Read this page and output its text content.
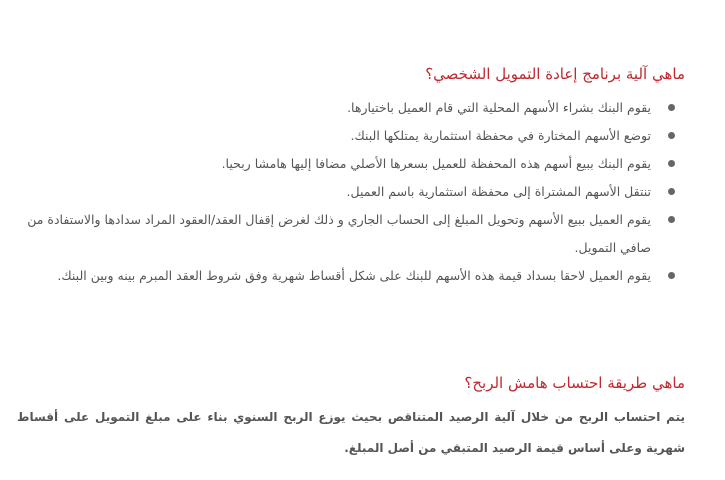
ماهي آلية برنامج إعادة التمويل الشخصي؟
يقوم البنك بشراء الأسهم المحلية التي قام العميل باختيارها.
توضع الأسهم المختارة في محفظة استثمارية يمتلكها البنك.
يقوم البنك ببيع أسهم هذه المحفظة للعميل بسعرها الأصلي مضافا إليها هامشا ربحيا.
تنتقل الأسهم المشتراة إلى محفظة استثمارية باسم العميل.
يقوم العميل ببيع الأسهم وتحويل المبلغ إلى الحساب الجاري و ذلك لغرض إقفال العقد/العقود المراد سدادها والاستفادة من صافي التمويل.
يقوم العميل لاحقا بسداد قيمة هذه الأسهم للبنك على شكل أقساط شهرية وفق شروط العقد المبرم بينه وبين البنك.
ماهي طريقة احتساب هامش الربح؟

يتم احتساب الربح من خلال آلية الرصيد المتناقص بحيث يوزع الربح السنوي بناء على مبلغ التمويل على أقساط شهرية وعلى أساس قيمة الرصيد المتبقي من أصل المبلغ.
